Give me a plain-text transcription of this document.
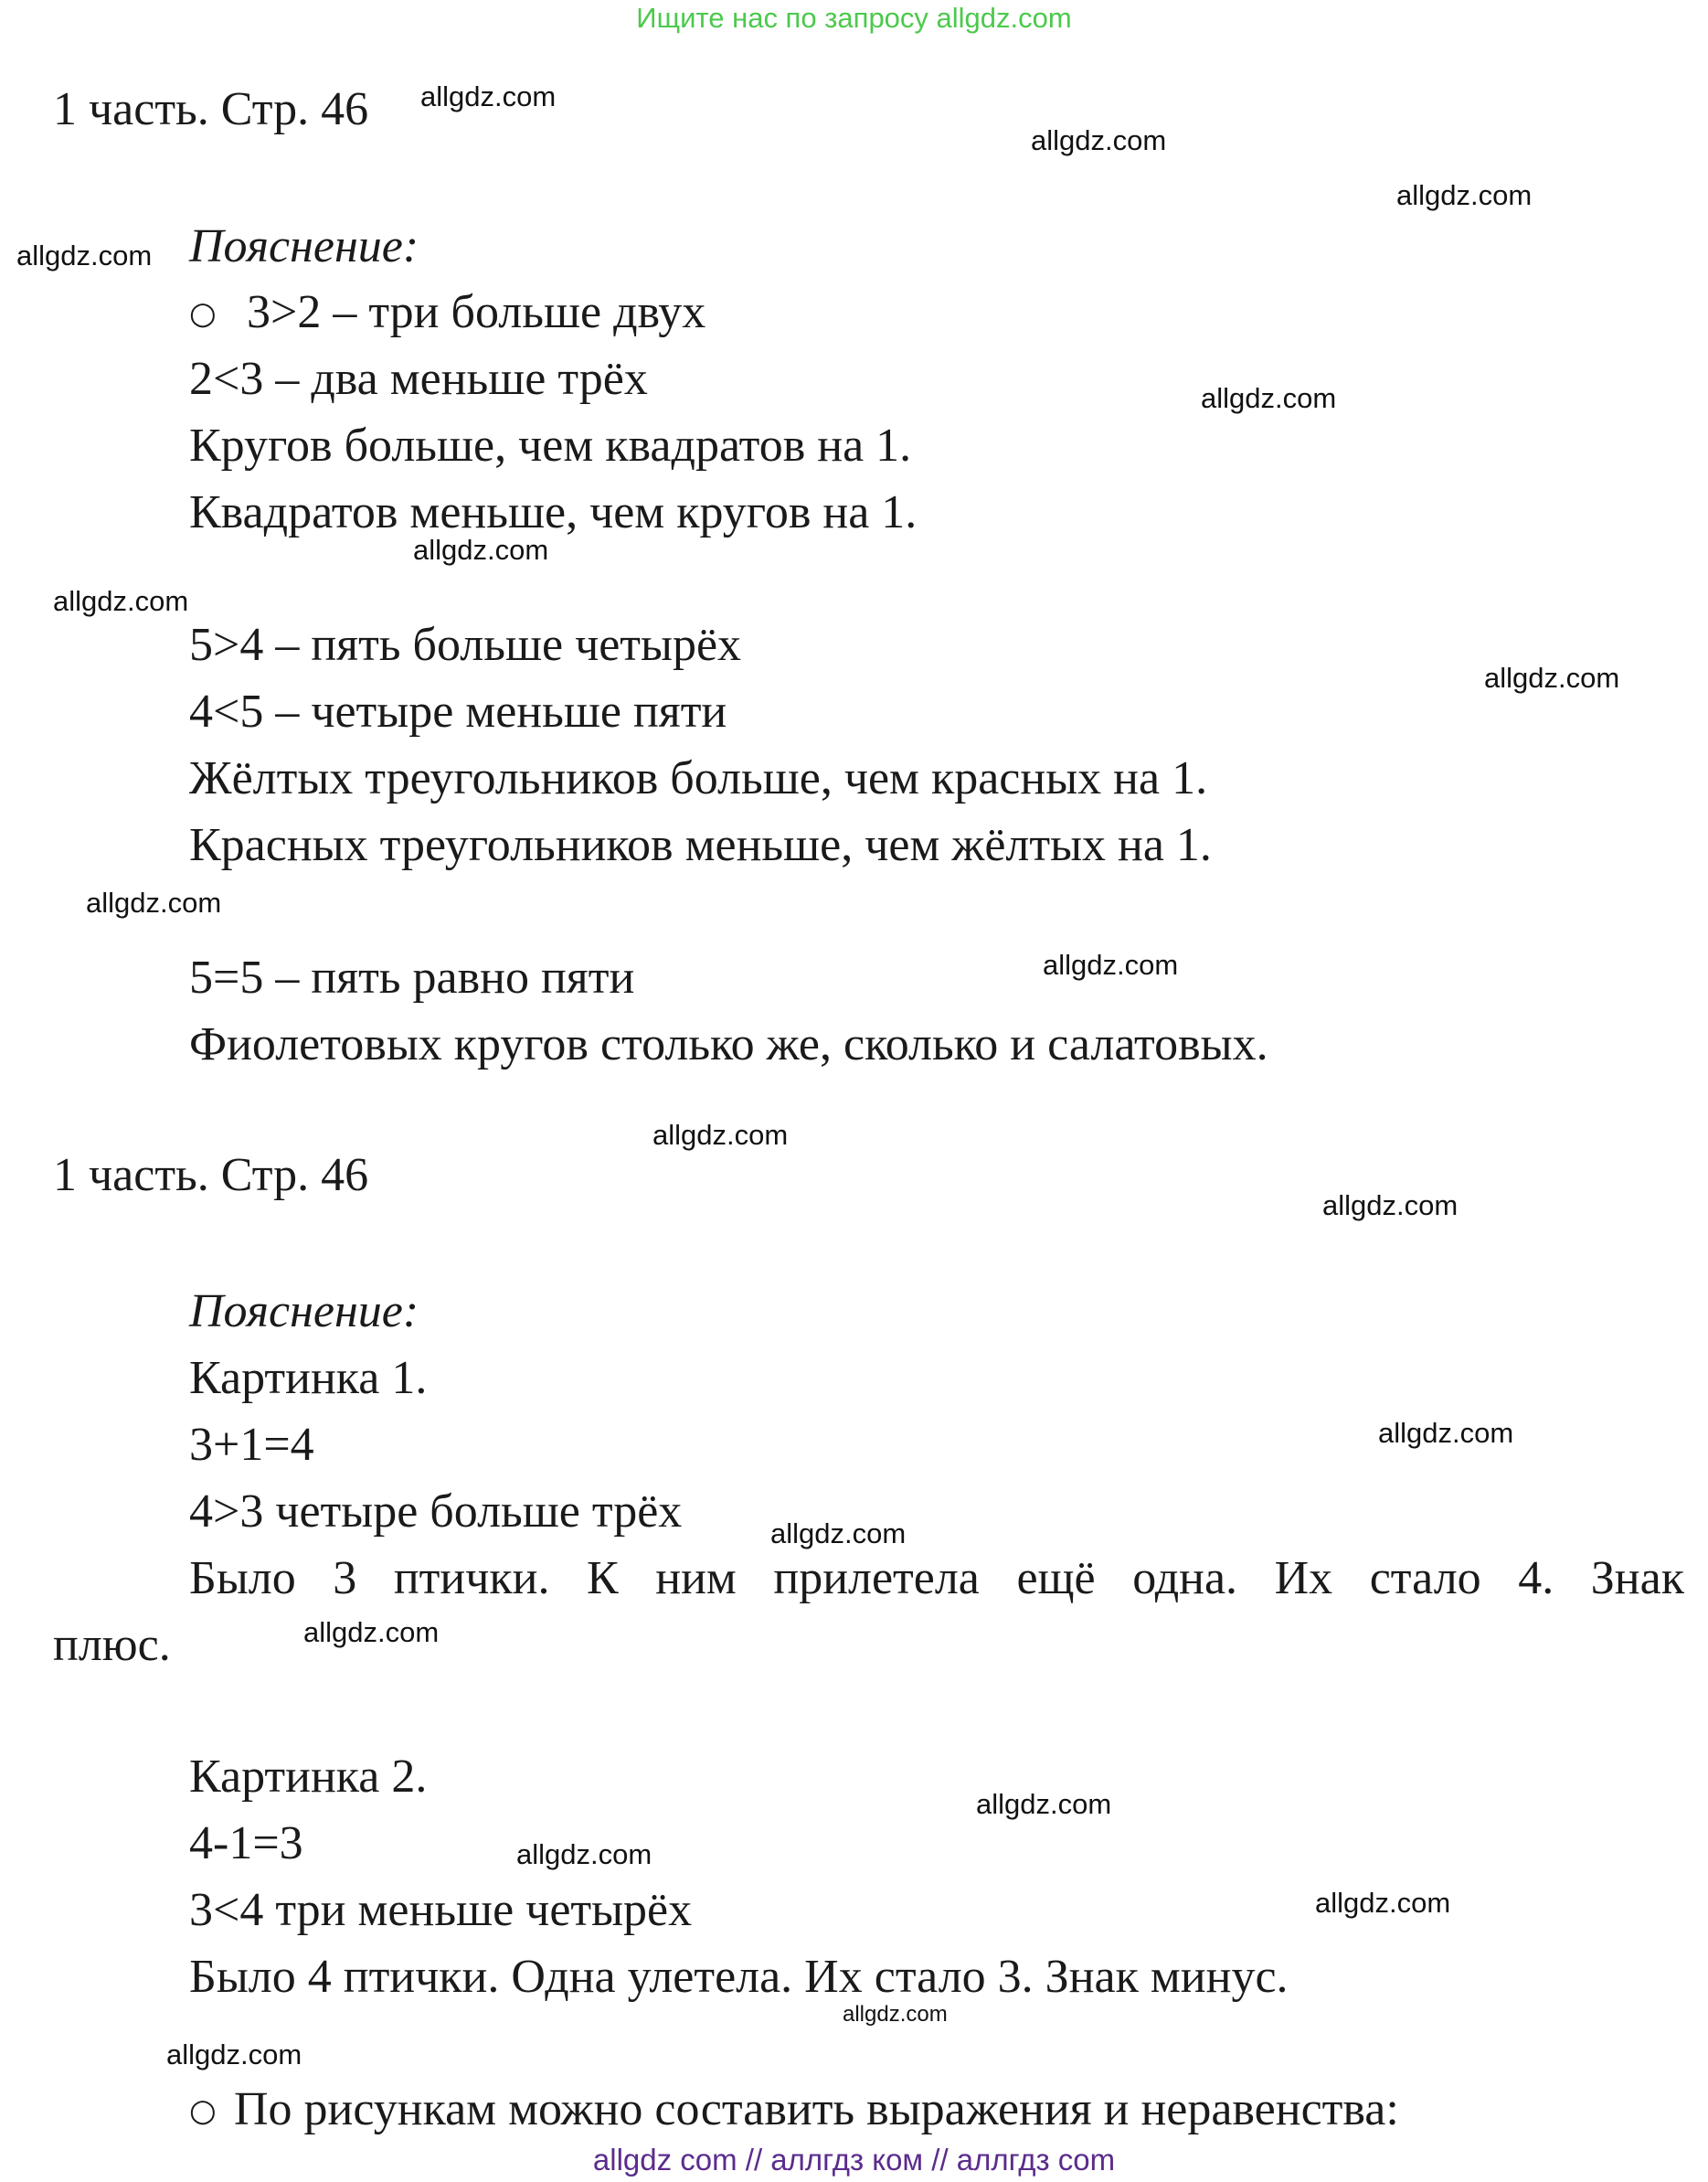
Ищите нас по запросу allgdz.com
1 часть. Стр. 46
Пояснение:
○ 3>2 – три больше двух
2<3 – два меньше трёх
Кругов больше, чем квадратов на 1.
Квадратов меньше, чем кругов на 1.
5>4 – пять больше четырёх
4<5 – четыре меньше пяти
Жёлтых треугольников больше, чем красных на 1.
Красных треугольников меньше, чем жёлтых на 1.
5=5 – пять равно пяти
Фиолетовых кругов столько же, сколько и салатовых.
1 часть. Стр. 46
Пояснение:
Картинка 1.
3+1=4
4>3 четыре больше трёх
Было 3 птички. К ним прилетела ещё одна. Их стало 4. Знак
плюс.
Картинка 2.
4-1=3
3<4 три меньше четырёх
Было 4 птички. Одна улетела. Их стало 3. Знак минус.
○ По рисункам можно составить выражения и неравенства:
allgdz.com
allgdz.com
allgdz.com
allgdz.com
allgdz.com
allgdz.com
allgdz.com
allgdz.com
allgdz.com
allgdz.com
allgdz.com
allgdz.com
allgdz.com
allgdz.com
allgdz.com
allgdz.com
allgdz.com
allgdz.com
allgdz.com
allgdz.com
allgdz com // аллгдз ком // аллгдз com
